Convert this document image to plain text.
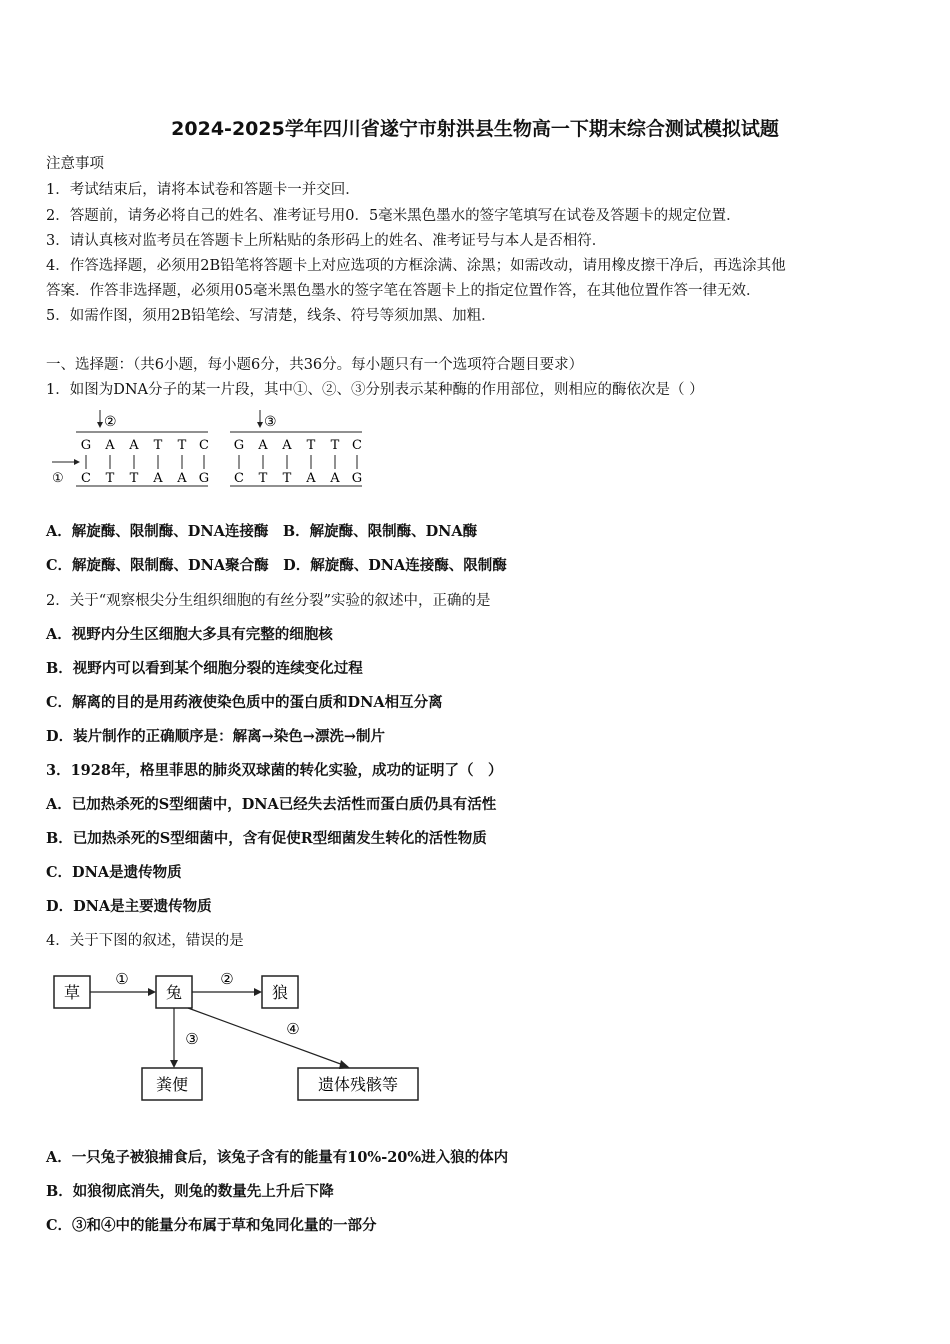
2024-2025学年四川省遂宁市射洪县生物高一下期末综合测试模拟试题
注意事项
1．考试结束后，请将本试卷和答题卡一并交回．
2．答题前，请务必将自己的姓名、准考证号用0．5毫米黑色墨水的签字笔填写在试卷及答题卡的规定位置．
3．请认真核对监考员在答题卡上所粘贴的条形码上的姓名、准考证号与本人是否相符．
4．作答选择题，必须用2B铅笔将答题卡上对应选项的方框涂满、涂黑；如需改动，请用橡皮擦干净后，再选涂其他
答案．作答非选择题，必须用05毫米黑色墨水的签字笔在答题卡上的指定位置作答，在其他位置作答一律无效．
5．如需作图，须用2B铅笔绘、写清楚，线条、符号等须加黑、加粗．
一、选择题：（共6小题，每小题6分，共36分。每小题只有一个选项符合题目要求）
1．如图为DNA分子的某一片段，其中①、②、③分别表示某种酶的作用部位，则相应的酶依次是（ ）
②	③
G A A T T C
C T T A A G
G A A T T C
C T T A A G
①
A．解旋酶、限制酶、DNA连接酶　B．解旋酶、限制酶、DNA酶
C．解旋酶、限制酶、DNA聚合酶　D．解旋酶、DNA连接酶、限制酶
2．关于“观察根尖分生组织细胞的有丝分裂”实验的叙述中，正确的是
A．视野内分生区细胞大多具有完整的细胞核
B．视野内可以看到某个细胞分裂的连续变化过程
C．解离的目的是用药液使染色质中的蛋白质和DNA相互分离
D．装片制作的正确顺序是：解离→染色→漂洗→制片
3．1928年，格里菲思的肺炎双球菌的转化实验，成功的证明了（　）
A．已加热杀死的S型细菌中，DNA已经失去活性而蛋白质仍具有活性
B．已加热杀死的S型细菌中，含有促使R型细菌发生转化的活性物质
C．DNA是遗传物质
D．DNA是主要遗传物质
4．关于下图的叙述，错误的是
草	兔	狼
粪便	遗体残骸等
①	②
③
④
A．一只兔子被狼捕食后，该兔子含有的能量有10%-20%进入狼的体内
B．如狼彻底消失，则兔的数量先上升后下降
C．③和④中的能量分布属于草和兔同化量的一部分
